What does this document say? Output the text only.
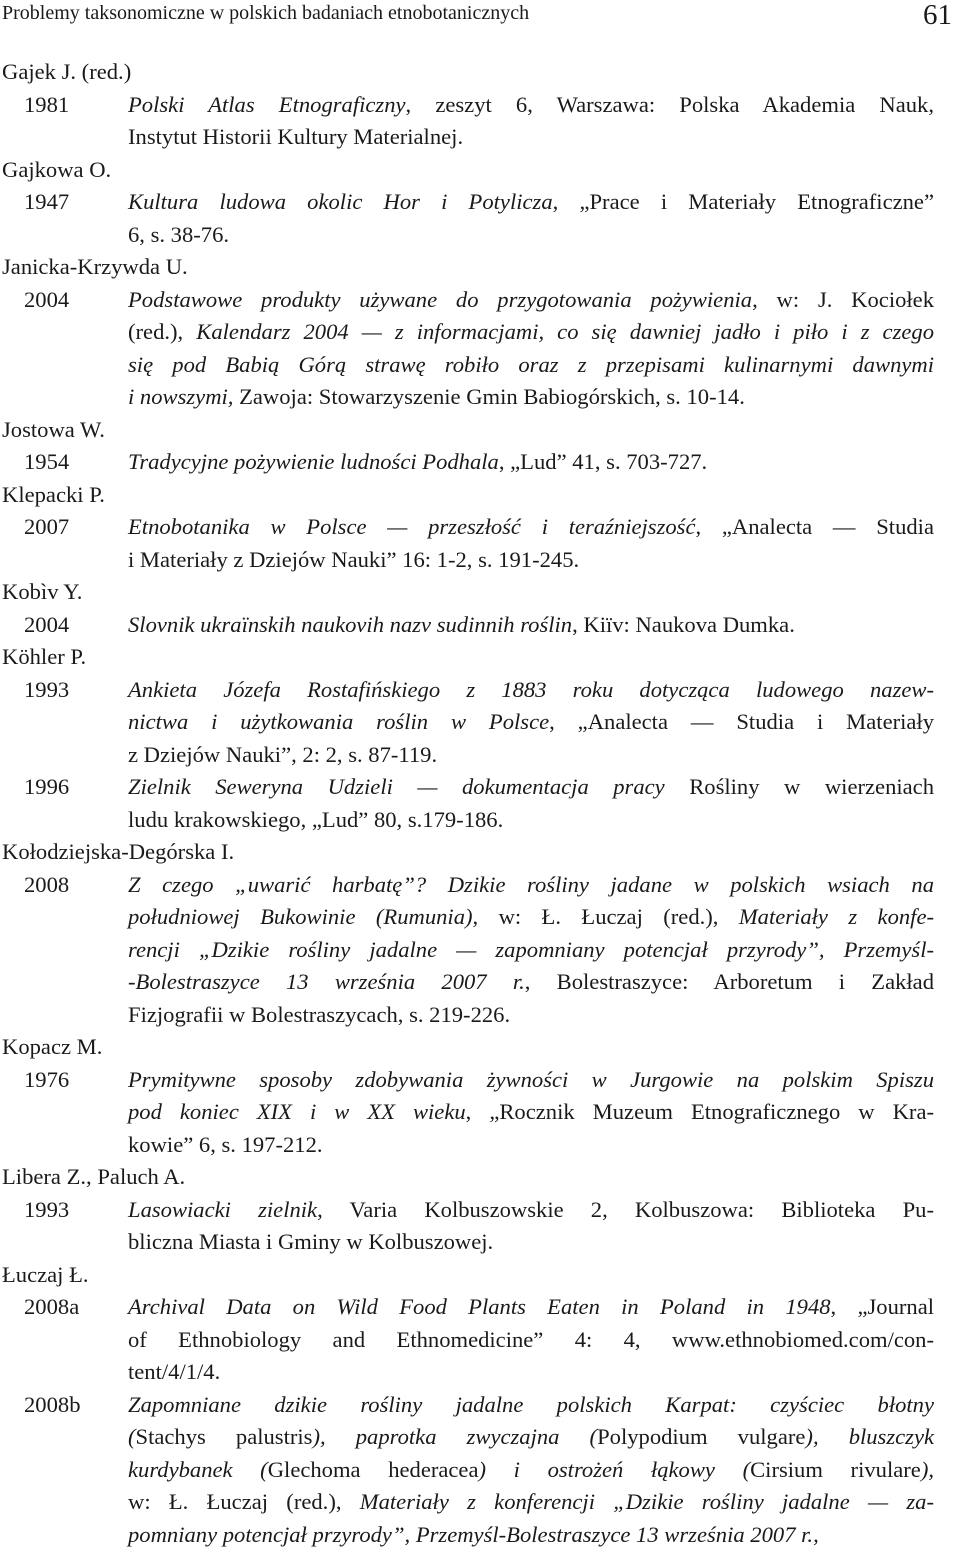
Problemy taksonomiczne w polskich badaniach etnobotanicznych	61
Gajek J. (red.)
1981	Polski Atlas Etnograficzny, zeszyt 6, Warszawa: Polska Akademia Nauk,
Instytut Historii Kultury Materialnej.
Gajkowa O.
1947	Kultura ludowa okolic Hor i Potylicza, „Prace i Materiały Etnograficzne”
6, s. 38-76.
Janicka-Krzywda U.
2004	Podstawowe produkty używane do przygotowania pożywienia, w: J. Kociołek
(red.), Kalendarz 2004 — z informacjami, co się dawniej jadło i piło i z czego
się pod Babią Górą strawę robiło oraz z przepisami kulinarnymi dawnymi
i nowszymi, Zawoja: Stowarzyszenie Gmin Babiogórskich, s. 10-14.
Jostowa W.
1954	Tradycyjne pożywienie ludności Podhala, „Lud” 41, s. 703-727.
Klepacki P.
2007	Etnobotanika w Polsce — przeszłość i teraźniejszość, „Analecta — Studia
i Materiały z Dziejów Nauki” 16: 1-2, s. 191-245.
Kobìv Y.
2004	Slovnik ukraïnskih naukovih nazv sudinnih roślin, Kiïv: Naukova Dumka.
Köhler P.
1993	Ankieta Józefa Rostafińskiego z 1883 roku dotycząca ludowego nazew-
nictwa i użytkowania roślin w Polsce, „Analecta — Studia i Materiały
z Dziejów Nauki”, 2: 2, s. 87-119.
1996	Zielnik Seweryna Udzieli — dokumentacja pracy Rośliny w wierzeniach
ludu krakowskiego, „Lud” 80, s.179-186.
Kołodziejska-Degórska I.
2008	Z czego „uwarić harbatę”? Dzikie rośliny jadane w polskich wsiach na
południowej Bukowinie (Rumunia), w: Ł. Łuczaj (red.), Materiały z konfe-
rencji „Dzikie rośliny jadalne — zapomniany potencjał przyrody”, Przemyśl-
-Bolestraszyce 13 września 2007 r., Bolestraszyce: Arboretum i Zakład
Fizjografii w Bolestraszycach, s. 219-226.
Kopacz M.
1976	Prymitywne sposoby zdobywania żywności w Jurgowie na polskim Spiszu
pod koniec XIX i w XX wieku, „Rocznik Muzeum Etnograficznego w Kra-
kowie” 6, s. 197-212.
Libera Z., Paluch A.
1993	Lasowiacki zielnik, Varia Kolbuszowskie 2, Kolbuszowa: Biblioteka Pu-
bliczna Miasta i Gminy w Kolbuszowej.
Łuczaj Ł.
2008a	Archival Data on Wild Food Plants Eaten in Poland in 1948, „Journal
of Ethnobiology and Ethnomedicine” 4: 4, www.ethnobiomed.com/con-
tent/4/1/4.
2008b	Zapomniane dzikie rośliny jadalne polskich Karpat: czyściec błotny
(Stachys palustris), paprotka zwyczajna (Polypodium vulgare), bluszczyk
kurdybanek (Glechoma hederacea) i ostrożeń łąkowy (Cirsium rivulare),
w: Ł. Łuczaj (red.), Materiały z konferencji „Dzikie rośliny jadalne — za-
pomniany potencjał przyrody”, Przemyśl-Bolestraszyce 13 września 2007 r.,
